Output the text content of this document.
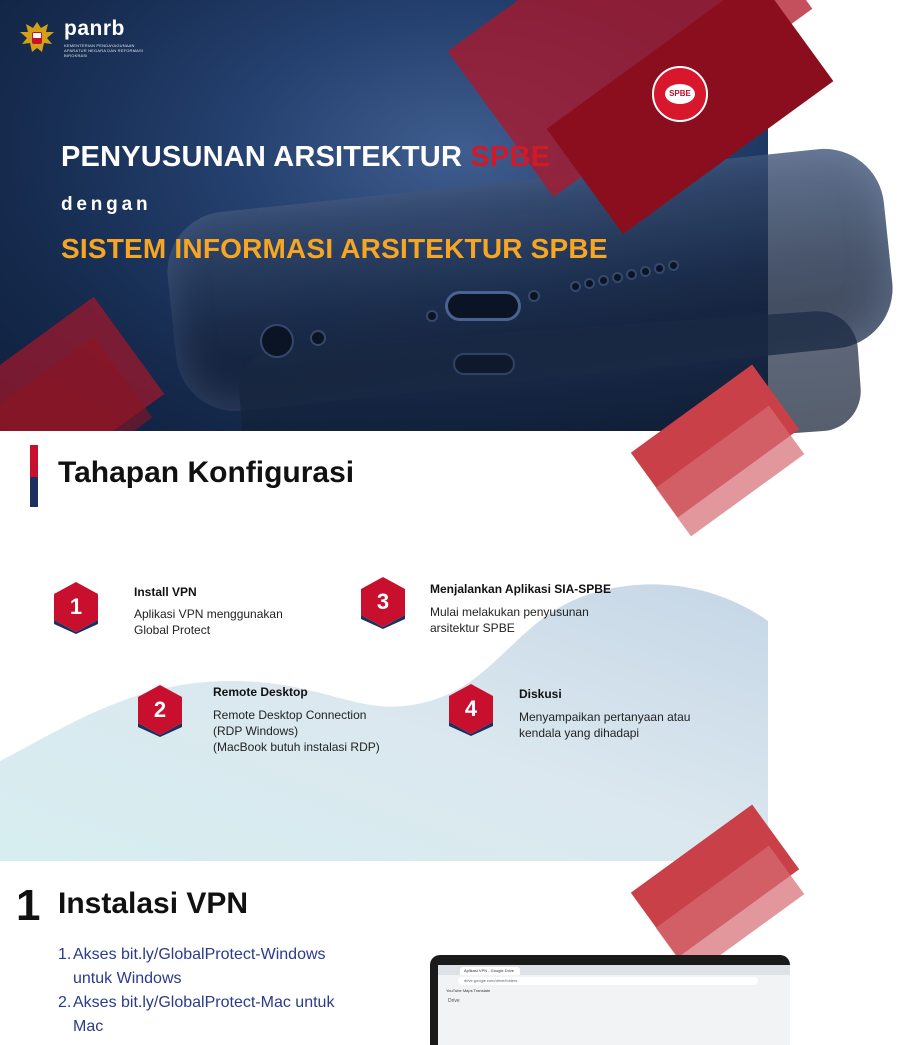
panrb
KEMENTERIAN PENDAYAGUNAAN APARATUR NEGARA DAN REFORMASI BIROKRASI
SPBE
PENYUSUNAN ARSITEKTUR SPBE
dengan
SISTEM INFORMASI ARSITEKTUR SPBE
Tahapan Konfigurasi
1
Install VPN
Aplikasi VPN menggunakan
Global Protect
2
Remote Desktop
Remote Desktop Connection
(RDP Windows)
(MacBook butuh instalasi RDP)
3	Menjalankan Aplikasi SIA-SPBE
Mulai melakukan penyusunan
arsitektur SPBE
4
Diskusi
Menyampaikan pertanyaan atau
kendala yang dihadapi
1 Instalasi VPN
1. Akses bit.ly/GlobalProtect-Windows
untuk Windows
2. Akses bit.ly/GlobalProtect-Mac untuk
Mac
Aplikasi VPN - Google Drive
drive.google.com/drive/folders
YouTube Maps Translate
Drive
